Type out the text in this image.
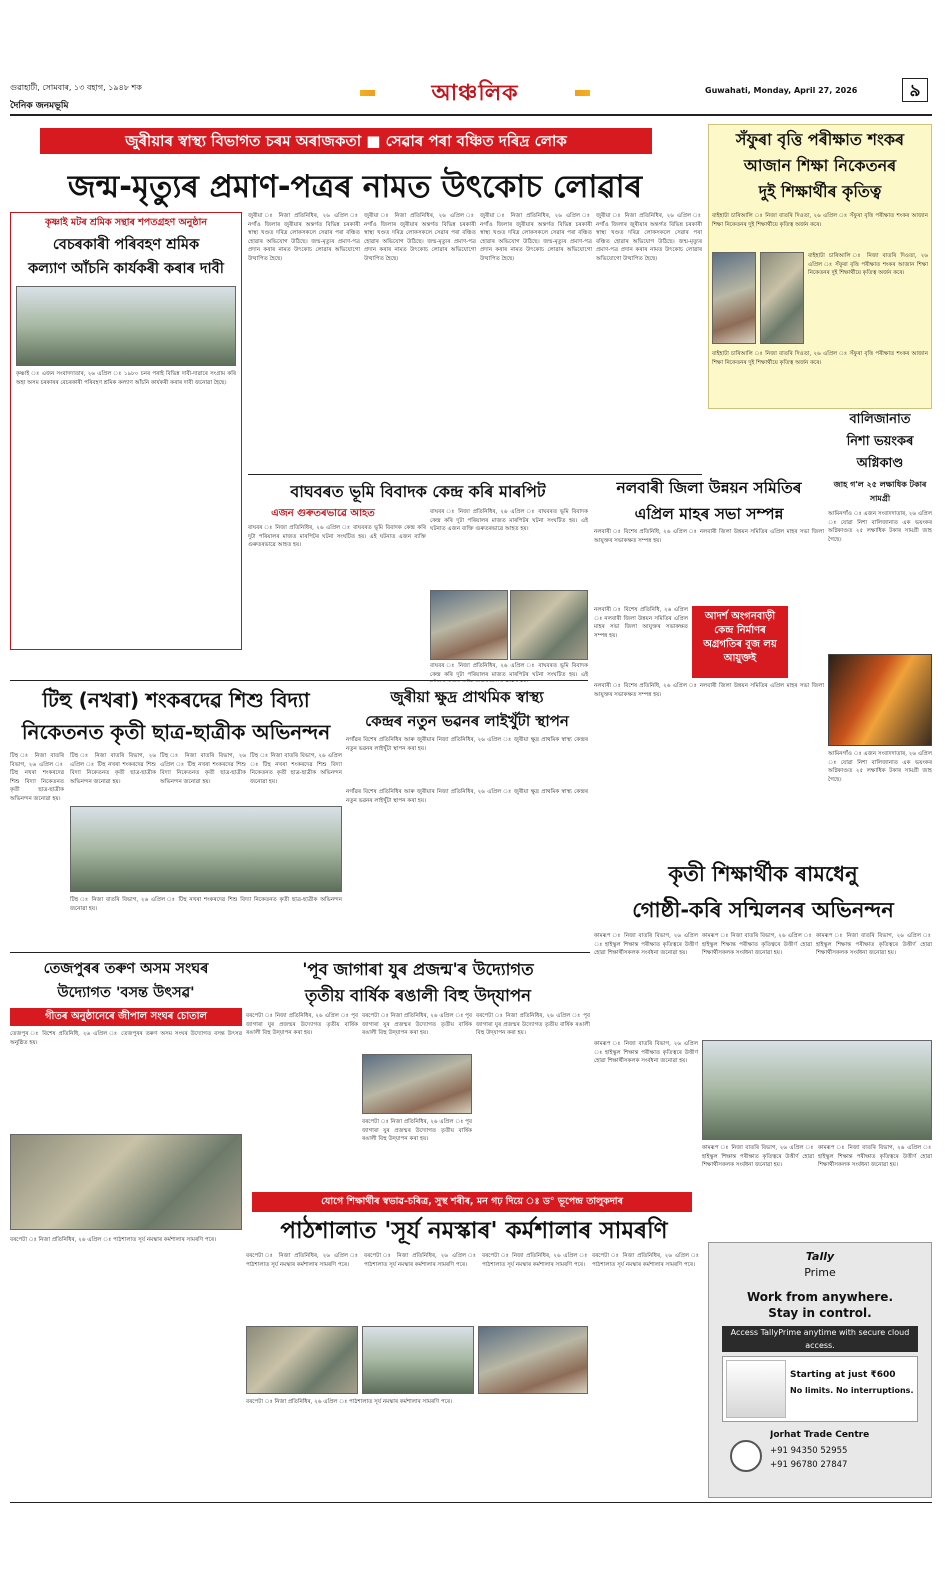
গুৱাহাটী, সোমবাৰ, ১৩ বহাগ, ১৯৪৮ শক
দৈনিক জনমভূমি	আঞ্চলিক	Guwahati, Monday, April 27, 2026	৯
জুৰীয়াৰ স্বাস্থ্য বিভাগত চৰম অৰাজকতা ■ সেৱাৰ পৰা বঞ্চিত দৰিদ্ৰ লোক
জন্ম-মৃত্যুৰ প্ৰমাণ-পত্ৰৰ নামত উৎকোচ লোৱাৰ
সঁফুৰা বৃত্তি পৰীক্ষাত শংকৰ
আজান শিক্ষা নিকেতনৰ
দুই শিক্ষাৰ্থীৰ কৃতিত্ব
বাইহাটা চাৰিআলি ঃ নিজা বাতৰি দিওতা, ২৬ এপ্ৰিল ঃ সঁফুৰা বৃত্তি পৰীক্ষাত শংকৰ আজান শিক্ষা নিকেতনৰ দুই শিক্ষাৰ্থীয়ে কৃতিত্ব অৰ্জন কৰে।
বাইহাটা চাৰিআলি ঃ নিজা বাতৰি দিওতা, ২৬ এপ্ৰিল ঃ সঁফুৰা বৃত্তি পৰীক্ষাত শংকৰ আজান শিক্ষা নিকেতনৰ দুই শিক্ষাৰ্থীয়ে কৃতিত্ব অৰ্জন কৰে।
বাইহাটা চাৰিআলি ঃ নিজা বাতৰি দিওতা, ২৬ এপ্ৰিল ঃ সঁফুৰা বৃত্তি পৰীক্ষাত শংকৰ আজান শিক্ষা নিকেতনৰ দুই শিক্ষাৰ্থীয়ে কৃতিত্ব অৰ্জন কৰে।
কৃষ্ণাই মটৰ শ্ৰমিক সন্থাৰ শপতগ্ৰহণ অনুষ্ঠান
বেচৰকাৰী পৰিবহণ শ্ৰমিক
কল্যাণ আঁচনি কাৰ্যকৰী কৰাৰ দাবী
কৃষ্ণাই ঃ এজন সংবাদদাতাৰ, ২৬ এপ্ৰিল ঃ ১৯৮০ চনৰ পৰাই বিভিন্ন দাবী-দাৱাৰে সংগ্ৰাম কৰি অহা অসম চৰকাৰৰ বেচৰকাৰী পৰিবহণ শ্ৰমিক কল্যাণ আঁচনি কাৰ্যকৰী কৰাৰ দাবী জনোৱা হৈছে।
জুৰীয়া ঃ নিজা প্ৰতিনিধিৰ, ২৬ এপ্ৰিল ঃ নগাঁও জিলাৰ জুৰীয়াৰ অন্তৰ্গত বিভিন্ন চৰকাৰী স্বাস্থ্য খণ্ডত দৰিদ্ৰ লোকসকলে সেৱাৰ পৰা বঞ্চিত হোৱাৰ অভিযোগ উঠিছে। জন্ম-মৃত্যুৰ প্ৰমাণ-পত্ৰ প্ৰদান কৰাৰ নামত উৎকোচ লোৱাৰ অভিযোগো উত্থাপিত হৈছে।
জুৰীয়া ঃ নিজা প্ৰতিনিধিৰ, ২৬ এপ্ৰিল ঃ নগাঁও জিলাৰ জুৰীয়াৰ অন্তৰ্গত বিভিন্ন চৰকাৰী স্বাস্থ্য খণ্ডত দৰিদ্ৰ লোকসকলে সেৱাৰ পৰা বঞ্চিত হোৱাৰ অভিযোগ উঠিছে। জন্ম-মৃত্যুৰ প্ৰমাণ-পত্ৰ প্ৰদান কৰাৰ নামত উৎকোচ লোৱাৰ অভিযোগো উত্থাপিত হৈছে।
জুৰীয়া ঃ নিজা প্ৰতিনিধিৰ, ২৬ এপ্ৰিল ঃ নগাঁও জিলাৰ জুৰীয়াৰ অন্তৰ্গত বিভিন্ন চৰকাৰী স্বাস্থ্য খণ্ডত দৰিদ্ৰ লোকসকলে সেৱাৰ পৰা বঞ্চিত হোৱাৰ অভিযোগ উঠিছে। জন্ম-মৃত্যুৰ প্ৰমাণ-পত্ৰ প্ৰদান কৰাৰ নামত উৎকোচ লোৱাৰ অভিযোগো উত্থাপিত হৈছে।
জুৰীয়া ঃ নিজা প্ৰতিনিধিৰ, ২৬ এপ্ৰিল ঃ নগাঁও জিলাৰ জুৰীয়াৰ অন্তৰ্গত বিভিন্ন চৰকাৰী স্বাস্থ্য খণ্ডত দৰিদ্ৰ লোকসকলে সেৱাৰ পৰা বঞ্চিত হোৱাৰ অভিযোগ উঠিছে। জন্ম-মৃত্যুৰ প্ৰমাণ-পত্ৰ প্ৰদান কৰাৰ নামত উৎকোচ লোৱাৰ অভিযোগো উত্থাপিত হৈছে।
বাঘবৰত ভূমি বিবাদক কেন্দ্ৰ কৰি মাৰপিট
এজন গুৰুতৰভাৱে আহত
বাঘবৰ ঃ নিজা প্ৰতিনিধিৰ, ২৬ এপ্ৰিল ঃ বাঘবৰত ভূমি বিবাদক কেন্দ্ৰ কৰি দুটা পৰিয়ালৰ মাজত মাৰপিটৰ ঘটনা সংঘটিত হয়। এই ঘটনাত এজন ব্যক্তি গুৰুতৰভাৱে আহত হয়।
বাঘবৰ ঃ নিজা প্ৰতিনিধিৰ, ২৬ এপ্ৰিল ঃ বাঘবৰত ভূমি বিবাদক কেন্দ্ৰ কৰি দুটা পৰিয়ালৰ মাজত মাৰপিটৰ ঘটনা সংঘটিত হয়। এই ঘটনাত এজন ব্যক্তি গুৰুতৰভাৱে আহত হয়।
বাঘবৰ ঃ নিজা প্ৰতিনিধিৰ, ২৬ এপ্ৰিল ঃ বাঘবৰত ভূমি বিবাদক কেন্দ্ৰ কৰি দুটা পৰিয়ালৰ মাজত মাৰপিটৰ ঘটনা সংঘটিত হয়। এই
নলবাৰী জিলা উন্নয়ন সমিতিৰ
এপ্ৰিল মাহৰ সভা সম্পন্ন
নলবাৰী ঃ বিশেষ প্ৰতিনিধি, ২৬ এপ্ৰিল ঃ নলবাৰী জিলা উন্নয়ন সমিতিৰ এপ্ৰিল মাহৰ সভা জিলা আয়ুক্তৰ সভাকক্ষত সম্পন্ন হয়।
আদৰ্শ অংগনবাড়ী কেন্দ্ৰ নিৰ্মাণৰ অগ্ৰগতিৰ বুজ লয় আয়ুক্তই
নলবাৰী ঃ বিশেষ প্ৰতিনিধি, ২৬ এপ্ৰিল ঃ নলবাৰী জিলা উন্নয়ন সমিতিৰ এপ্ৰিল মাহৰ সভা জিলা আয়ুক্তৰ সভাকক্ষত সম্পন্ন হয়।
নলবাৰী ঃ বিশেষ প্ৰতিনিধি, ২৬ এপ্ৰিল ঃ নলবাৰী জিলা উন্নয়ন সমিতিৰ এপ্ৰিল মাহৰ সভা জিলা আয়ুক্তৰ সভাকক্ষত সম্পন্ন হয়।
বালিজানাত
নিশা ভয়ংকৰ
অগ্নিকাণ্ড
জাহ গ'ল ২৫ লক্ষাধিক টকাৰ সামগ্ৰী
আমিনগাঁও ঃ এজন সংবাদদাতাৰ, ২৬ এপ্ৰিল ঃ যোৱা নিশা বালিজানাত এক ভয়ংকৰ অগ্নিকাণ্ডত ২৫ লক্ষাধিক টকাৰ সামগ্ৰী জাহ গৈছে।
আমিনগাঁও ঃ এজন সংবাদদাতাৰ, ২৬ এপ্ৰিল ঃ যোৱা নিশা বালিজানাত এক ভয়ংকৰ অগ্নিকাণ্ডত ২৫ লক্ষাধিক টকাৰ সামগ্ৰী জাহ গৈছে।
টিহু (নখৰা) শংকৰদেৱ শিশু বিদ্যা
নিকেতনত কৃতী ছাত্ৰ-ছাত্ৰীক অভিনন্দন
টিহু ঃ নিজা বাতৰি বিভাগ, ২৬ এপ্ৰিল ঃ টিহু নখৰা শংকৰদেৱ শিশু বিদ্যা নিকেতনত কৃতী ছাত্ৰ-ছাত্ৰীক অভিনন্দন জনোৱা হয়।
টিহু ঃ নিজা বাতৰি বিভাগ, ২৬ এপ্ৰিল ঃ টিহু নখৰা শংকৰদেৱ শিশু বিদ্যা নিকেতনত কৃতী ছাত্ৰ-ছাত্ৰীক অভিনন্দন জনোৱা হয়।
টিহু ঃ নিজা বাতৰি বিভাগ, ২৬ এপ্ৰিল ঃ টিহু নখৰা শংকৰদেৱ শিশু বিদ্যা নিকেতনত কৃতী ছাত্ৰ-ছাত্ৰীক অভিনন্দন জনোৱা হয়।
টিহু ঃ নিজা বাতৰি বিভাগ, ২৬ এপ্ৰিল ঃ টিহু নখৰা শংকৰদেৱ শিশু বিদ্যা নিকেতনত কৃতী ছাত্ৰ-ছাত্ৰীক অভিনন্দন জনোৱা হয়।
টিহু ঃ নিজা বাতৰি বিভাগ, ২৬ এপ্ৰিল ঃ টিহু নখৰা শংকৰদেৱ শিশু বিদ্যা নিকেতনত কৃতী ছাত্ৰ-ছাত্ৰীক অভিনন্দন জনোৱা হয়।
জুৰীয়া ক্ষুদ্ৰ প্ৰাথমিক স্বাস্থ্য
কেন্দ্ৰৰ নতুন ভৱনৰ লাইখুঁটা স্থাপন
নগাঁৱৰ বিশেষ প্ৰতিনিধিৰ আৰু জুৰীয়াৰ নিজা প্ৰতিনিধিৰ, ২৬ এপ্ৰিল ঃ জুৰীয়া ক্ষুদ্ৰ প্ৰাথমিক স্বাস্থ্য কেন্দ্ৰৰ নতুন ভৱনৰ লাইখুঁটা স্থাপন কৰা হয়।
নগাঁৱৰ বিশেষ প্ৰতিনিধিৰ আৰু জুৰীয়াৰ নিজা প্ৰতিনিধিৰ, ২৬ এপ্ৰিল ঃ জুৰীয়া ক্ষুদ্ৰ প্ৰাথমিক স্বাস্থ্য কেন্দ্ৰৰ নতুন ভৱনৰ লাইখুঁটা স্থাপন কৰা হয়।
তেজপুৰৰ তৰুণ অসম সংঘৰ
উদ্যোগত 'বসন্ত উৎসৱ'
গীতৰ অনুষ্ঠানেৰে জীপাল সংঘৰ চোতাল
তেজপুৰ ঃ বিশেষ প্ৰতিনিধি, ২৬ এপ্ৰিল ঃ তেজপুৰৰ তৰুণ অসম সংঘৰ উদ্যোগত বসন্ত উৎসৱ অনুষ্ঠিত হয়।
'পূব জাগাৰা যুৰ প্ৰজন্ম'ৰ উদ্যোগত
তৃতীয় বাৰ্ষিক ৰঙালী বিহু উদ্‌যাপন
বৰপেটা ঃ নিজা প্ৰতিনিধিৰ, ২৬ এপ্ৰিল ঃ পূব জাগাৰা যুৰ প্ৰজন্মৰ উদ্যোগত তৃতীয় বাৰ্ষিক ৰঙালী বিহু উদ্‌যাপন কৰা হয়।
বৰপেটা ঃ নিজা প্ৰতিনিধিৰ, ২৬ এপ্ৰিল ঃ পূব জাগাৰা যুৰ প্ৰজন্মৰ উদ্যোগত তৃতীয় বাৰ্ষিক ৰঙালী বিহু উদ্‌যাপন কৰা হয়।
বৰপেটা ঃ নিজা প্ৰতিনিধিৰ, ২৬ এপ্ৰিল ঃ পূব জাগাৰা যুৰ প্ৰজন্মৰ উদ্যোগত তৃতীয় বাৰ্ষিক ৰঙালী বিহু উদ্‌যাপন কৰা হয়।
বৰপেটা ঃ নিজা প্ৰতিনিধিৰ, ২৬ এপ্ৰিল ঃ পূব জাগাৰা যুৰ প্ৰজন্মৰ উদ্যোগত তৃতীয় বাৰ্ষিক ৰঙালী বিহু উদ্‌যাপন কৰা হয়।
কৃতী শিক্ষাৰ্থীক ৰামধেনু
গোষ্ঠী-কৰি সন্মিলনৰ অভিনন্দন
কামৰূপ ঃ নিজা বাতৰি বিভাগ, ২৬ এপ্ৰিল ঃ হাইস্কুল শিক্ষান্ত পৰীক্ষাত কৃতিত্বৰে উত্তীৰ্ণ হোৱা শিক্ষাৰ্থীসকলক সংৰ্বধনা জনোৱা হয়।
কামৰূপ ঃ নিজা বাতৰি বিভাগ, ২৬ এপ্ৰিল ঃ হাইস্কুল শিক্ষান্ত পৰীক্ষাত কৃতিত্বৰে উত্তীৰ্ণ হোৱা শিক্ষাৰ্থীসকলক সংৰ্বধনা জনোৱা হয়।
কামৰূপ ঃ নিজা বাতৰি বিভাগ, ২৬ এপ্ৰিল ঃ হাইস্কুল শিক্ষান্ত পৰীক্ষাত কৃতিত্বৰে উত্তীৰ্ণ হোৱা শিক্ষাৰ্থীসকলক সংৰ্বধনা জনোৱা হয়।
কামৰূপ ঃ নিজা বাতৰি বিভাগ, ২৬ এপ্ৰিল ঃ হাইস্কুল শিক্ষান্ত পৰীক্ষাত কৃতিত্বৰে উত্তীৰ্ণ হোৱা শিক্ষাৰ্থীসকলক সংৰ্বধনা জনোৱা হয়।
কামৰূপ ঃ নিজা বাতৰি বিভাগ, ২৬ এপ্ৰিল ঃ হাইস্কুল শিক্ষান্ত পৰীক্ষাত কৃতিত্বৰে উত্তীৰ্ণ হোৱা শিক্ষাৰ্থীসকলক সংৰ্বধনা জনোৱা হয়।
কামৰূপ ঃ নিজা বাতৰি বিভাগ, ২৬ এপ্ৰিল ঃ হাইস্কুল শিক্ষান্ত পৰীক্ষাত কৃতিত্বৰে উত্তীৰ্ণ হোৱা শিক্ষাৰ্থীসকলক সংৰ্বধনা জনোৱা হয়।
যোগে শিক্ষাৰ্থীৰ স্বভাৱ-চৰিত্ৰ, সুস্থ শৰীৰ, মন গঢ় দিয়ে ঃ ড° ভূপেন্দ্ৰ তালুকদাৰ
পাঠশালাত 'সূৰ্য নমস্কাৰ' কৰ্মশালাৰ সামৰণি
বৰপেটা ঃ নিজা প্ৰতিনিধিৰ, ২৬ এপ্ৰিল ঃ পাঠশালাত সূৰ্য নমস্কাৰ কৰ্মশালাৰ সামৰণি পৰে।
বৰপেটা ঃ নিজা প্ৰতিনিধিৰ, ২৬ এপ্ৰিল ঃ পাঠশালাত সূৰ্য নমস্কাৰ কৰ্মশালাৰ সামৰণি পৰে।
বৰপেটা ঃ নিজা প্ৰতিনিধিৰ, ২৬ এপ্ৰিল ঃ পাঠশালাত সূৰ্য নমস্কাৰ কৰ্মশালাৰ সামৰণি পৰে।
বৰপেটা ঃ নিজা প্ৰতিনিধিৰ, ২৬ এপ্ৰিল ঃ পাঠশালাত সূৰ্য নমস্কাৰ কৰ্মশালাৰ সামৰণি পৰে।
বৰপেটা ঃ নিজা প্ৰতিনিধিৰ, ২৬ এপ্ৰিল ঃ পাঠশালাত সূৰ্য নমস্কাৰ কৰ্মশালাৰ সামৰণি পৰে।
বৰপেটা ঃ নিজা প্ৰতিনিধিৰ, ২৬ এপ্ৰিল ঃ পাঠশালাত সূৰ্য নমস্কাৰ কৰ্মশালাৰ সামৰণি পৰে।
Tally
Prime
Work from anywhere.
Stay in control.
Access TallyPrime anytime with secure cloud access.
Starting at just ₹600
No limits. No interruptions.
Jorhat Trade Centre
+91 94350 52955
+91 96780 27847
